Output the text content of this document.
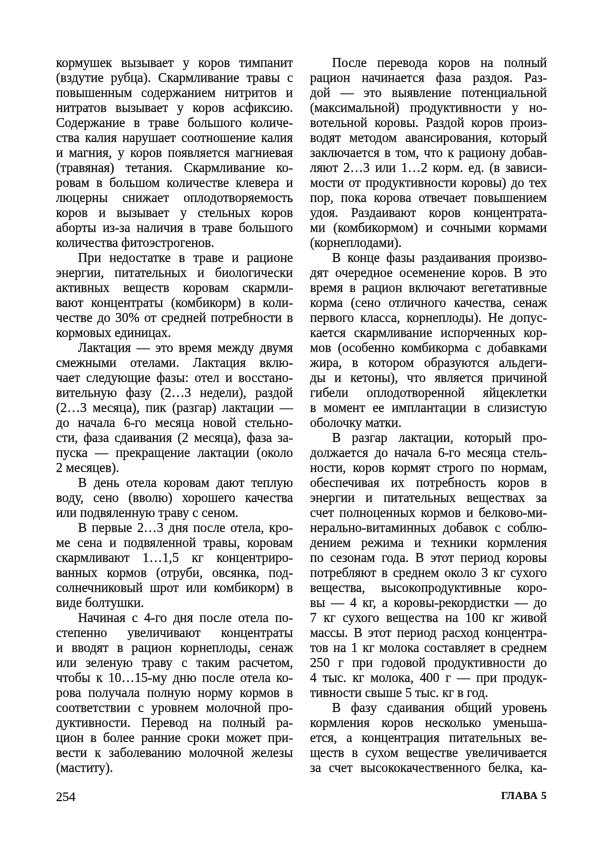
кормушек вызывает у коров тимпанит
(вздутие рубца). Скармливание травы с
повышенным содержанием нитритов и
нитратов вызывает у коров асфиксию.
Содержание в траве большого количе-
ства калия нарушает соотношение калия
и магния, у коров появляется магниевая
(травяная) тетания. Скармливание ко-
ровам в большом количестве клевера и
люцерны снижает оплодотворяемость
коров и вызывает у стельных коров
аборты из-за наличия в траве большого
количества фитоэстрогенов.
При недостатке в траве и рационе
энергии, питательных и биологически
активных веществ коровам скармли-
вают концентраты (комбикорм) в коли-
честве до 30% от средней потребности в
кормовых единицах.
Лактация — это время между двумя
смежными отелами. Лактация вклю-
чает следующие фазы: отел и восстано-
вительную фазу (2…3 недели), раздой
(2…3 месяца), пик (разгар) лактации —
до начала 6-го месяца новой стельно-
сти, фаза сдаивания (2 месяца), фаза за-
пуска — прекращение лактации (около
2 месяцев).
В день отела коровам дают теплую
воду, сено (вволю) хорошего качества
или подвяленную траву с сеном.
В первые 2…3 дня после отела, кро-
ме сена и подвяленной травы, коровам
скармливают 1…1,5 кг концентриро-
ванных кормов (отруби, овсянка, под-
солнечниковый шрот или комбикорм) в
виде болтушки.
Начиная с 4-го дня после отела по-
степенно увеличивают концентраты
и вводят в рацион корнеплоды, сенаж
или зеленую траву с таким расчетом,
чтобы к 10…15-му дню после отела ко-
рова получала полную норму кормов в
соответствии с уровнем молочной про-
дуктивности. Перевод на полный ра-
цион в более ранние сроки может при-
вести к заболеванию молочной железы
(маститу).
После перевода коров на полный
рацион начинается фаза раздоя. Раз-
дой — это выявление потенциальной
(максимальной) продуктивности у но-
вотельной коровы. Раздой коров произ-
водят методом авансирования, который
заключается в том, что к рациону добав-
ляют 2…3 или 1…2 корм. ед. (в зависи-
мости от продуктивности коровы) до тех
пор, пока корова отвечает повышением
удоя. Раздаивают коров концентрата-
ми (комбикормом) и сочными кормами
(корнеплодами).
В конце фазы раздаивания произво-
дят очередное осеменение коров. В это
время в рацион включают вегетативные
корма (сено отличного качества, сенаж
первого класса, корнеплоды). Не допус-
кается скармливание испорченных кор-
мов (особенно комбикорма с добавками
жира, в котором образуются альдеги-
ды и кетоны), что является причиной
гибели оплодотворенной яйцеклетки
в момент ее имплантации в слизистую
оболочку матки.
В разгар лактации, который про-
должается до начала 6-го месяца стель-
ности, коров кормят строго по нормам,
обеспечивая их потребность коров в
энергии и питательных веществах за
счет полноценных кормов и белково-ми-
нерально-витаминных добавок с соблю-
дением режима и техники кормления
по сезонам года. В этот период коровы
потребляют в среднем около 3 кг сухого
вещества, высокопродуктивные коро-
вы — 4 кг, а коровы-рекордистки — до
7 кг сухого вещества на 100 кг живой
массы. В этот период расход концентра-
тов на 1 кг молока составляет в среднем
250 г при годовой продуктивности до
4 тыс. кг молока, 400 г — при продук-
тивности свыше 5 тыс. кг в год.
В фазу сдаивания общий уровень
кормления коров несколько уменьша-
ется, а концентрация питательных ве-
ществ в сухом веществе увеличивается
за счет высококачественного белка, ка-
254	ГЛАВА 5
